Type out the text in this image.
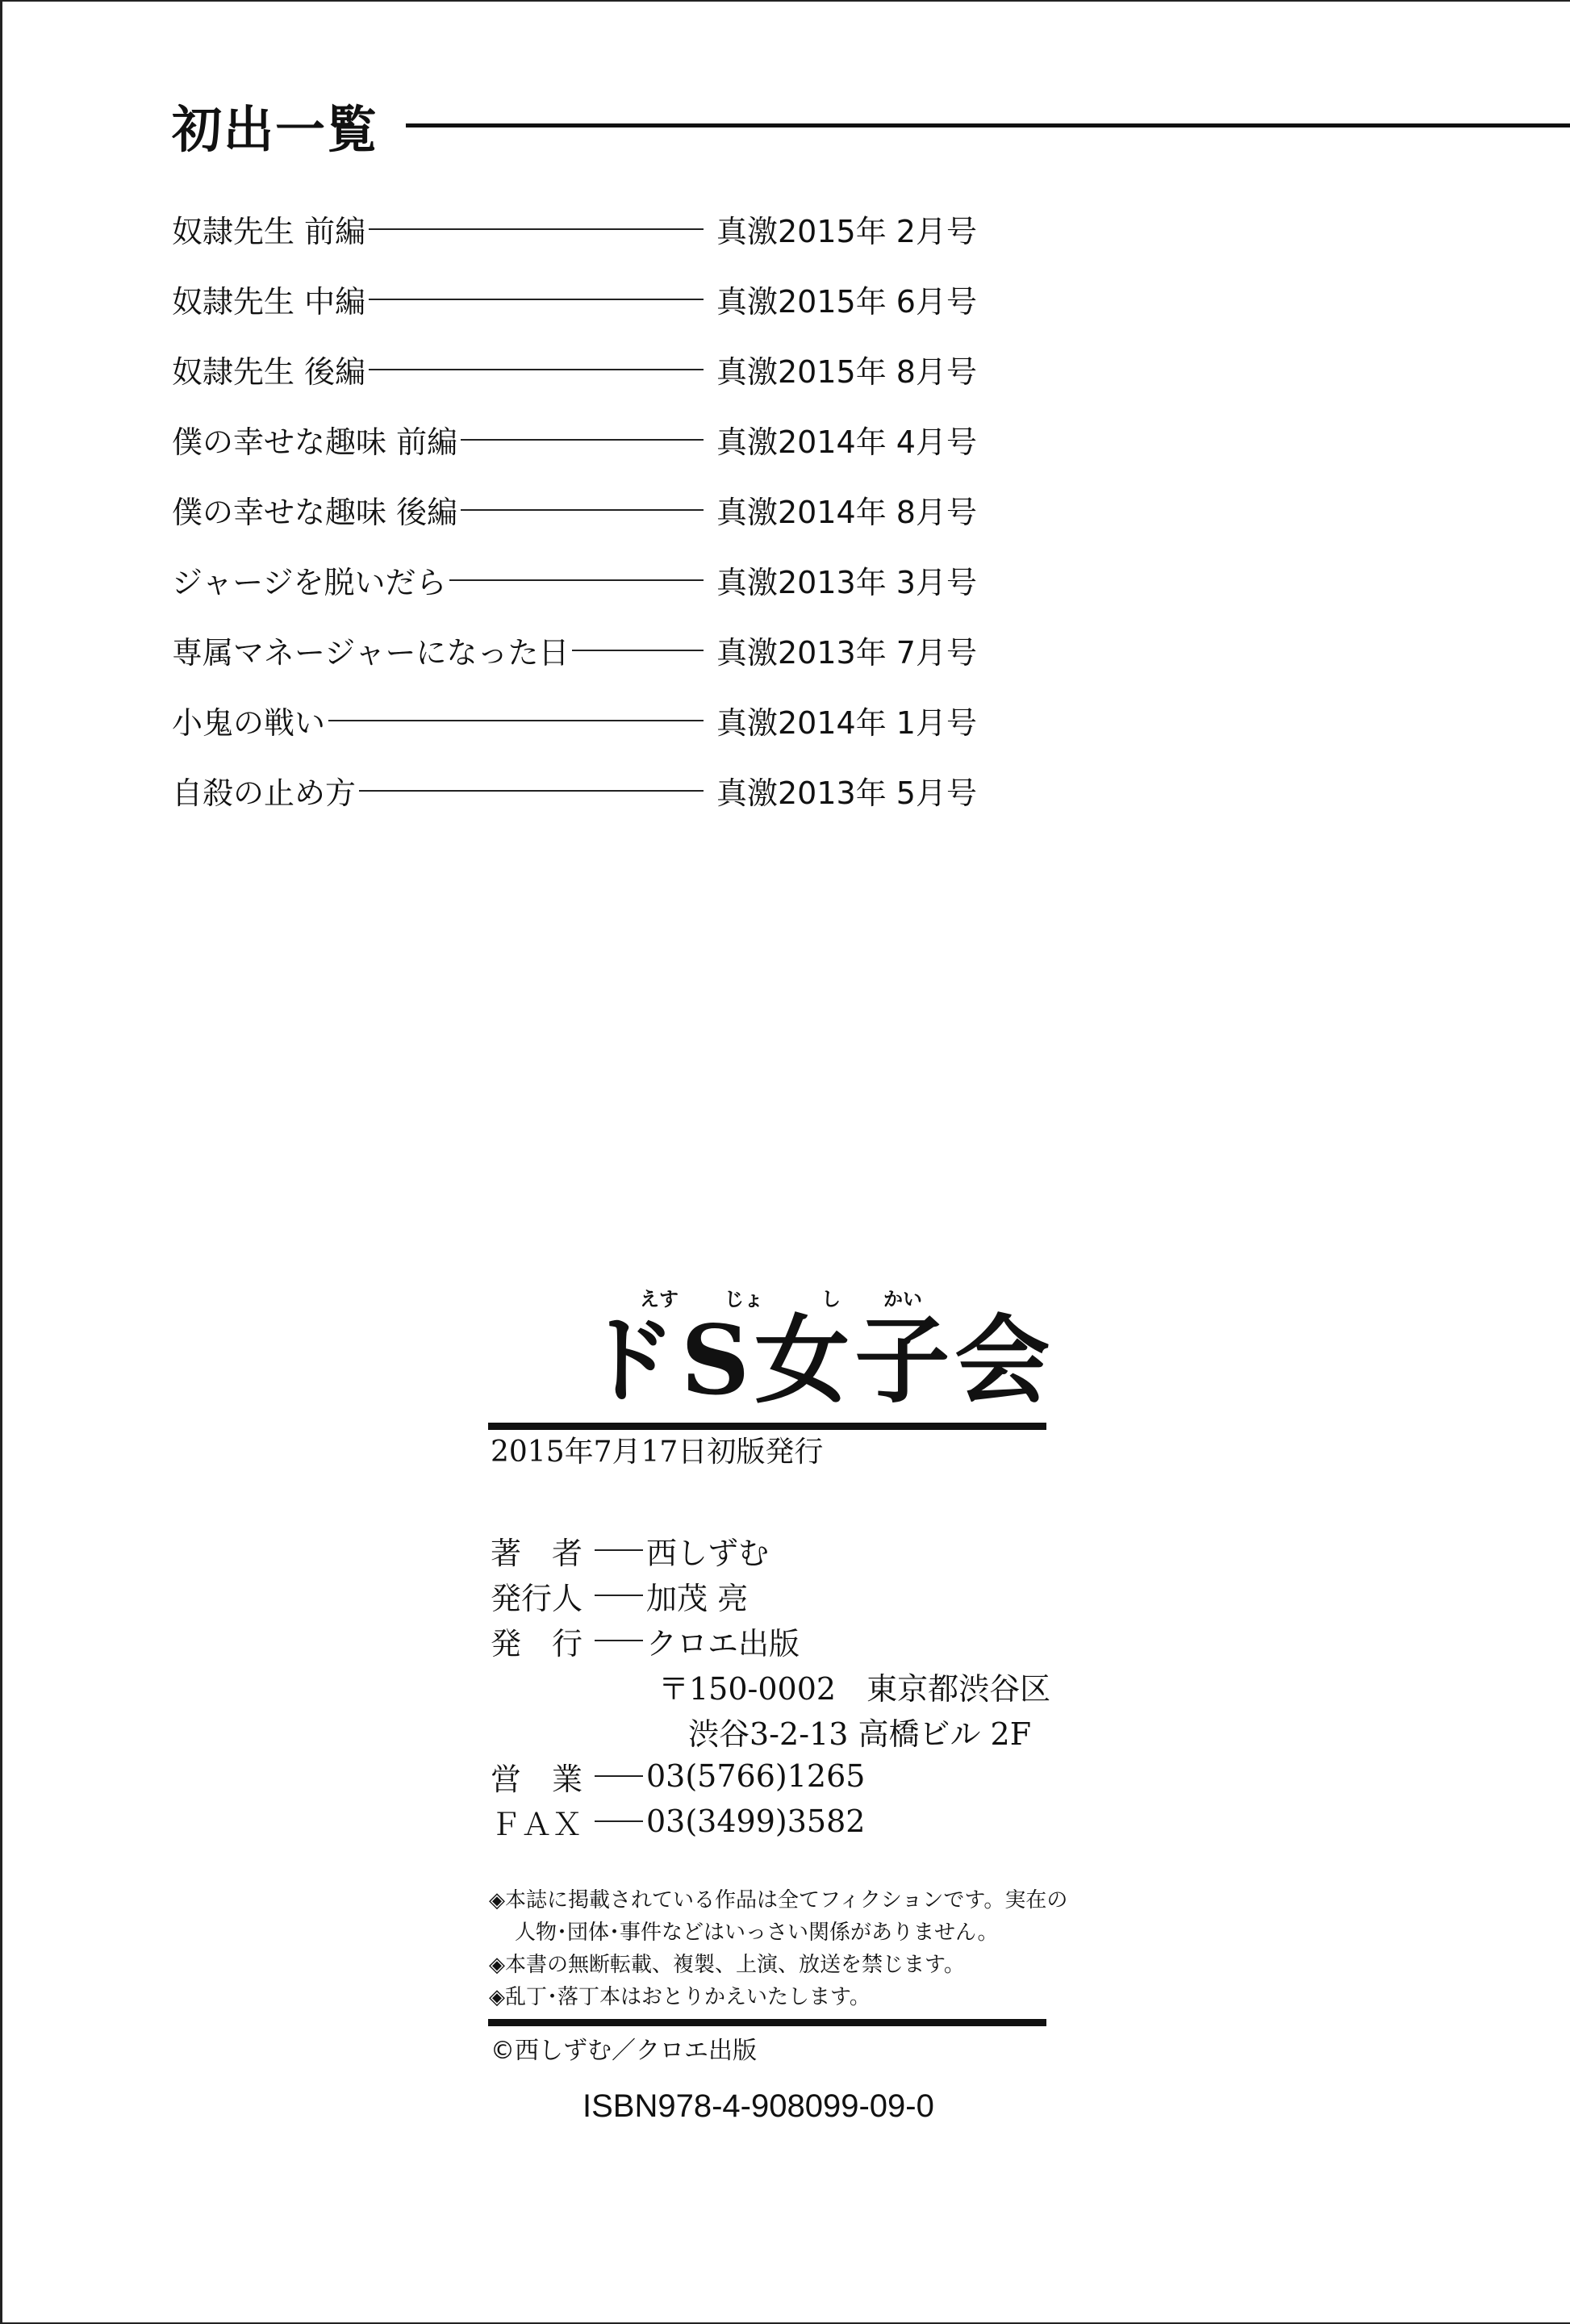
初出一覧
奴隷先生 前編	真激2015年 2月号
奴隷先生 中編	真激2015年 6月号
奴隷先生 後編	真激2015年 8月号
僕の幸せな趣味 前編	真激2014年 4月号
僕の幸せな趣味 後編	真激2014年 8月号
ジャージを脱いだら	真激2013年 3月号
専属マネージャーになった日	真激2013年 7月号
小鬼の戦い	真激2014年 1月号
自殺の止め方	真激2013年 5月号
えす じょ	し かい
ドS女子会
2015年7月17日初版発行
著　者 西しずむ
発行人 加茂 亮
発　行 クロエ出版
〒150-0002　東京都渋谷区
渋谷3-2-13 高橋ビル 2F
営　業 03(5766)1265
ＦＡＸ 03(3499)3582
◈本誌に掲載されている作品は全てフィクションです。実在の
人物･団体･事件などはいっさい関係がありません。
◈本書の無断転載、複製、上演、放送を禁じます。
◈乱丁･落丁本はおとりかえいたします。
©西しずむ／クロエ出版
ISBN978-4-908099-09-0
